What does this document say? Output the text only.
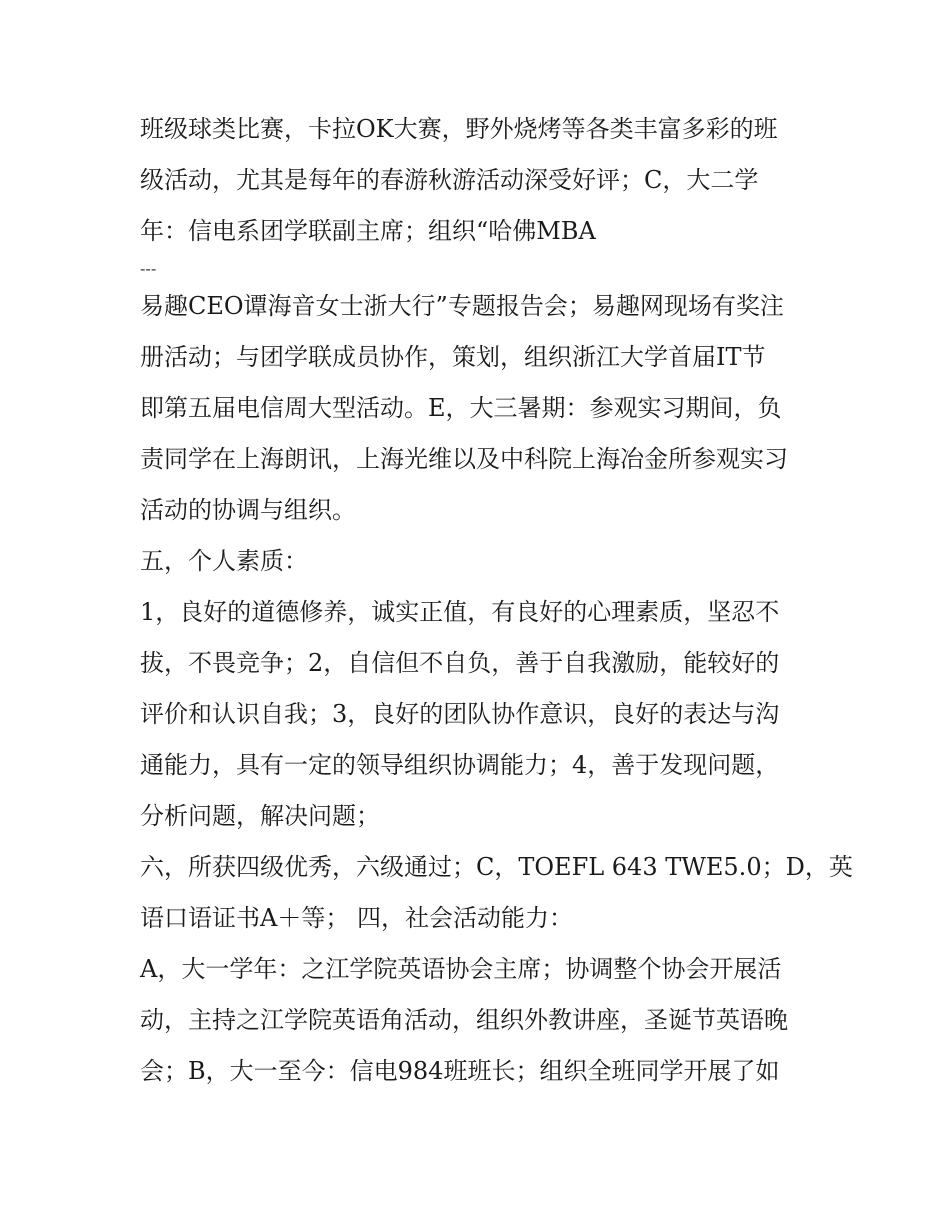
班级球类比赛，卡拉OK大赛，野外烧烤等各类丰富多彩的班

级活动，尤其是每年的春游秋游活动深受好评；C，大二学

年：信电系团学联副主席；组织“哈佛MBA

---

易趣CEO谭海音女士浙大行”专题报告会；易趣网现场有奖注

册活动；与团学联成员协作，策划，组织浙江大学首届IT节

即第五届电信周大型活动。E，大三暑期：参观实习期间，负

责同学在上海朗讯，上海光维以及中科院上海冶金所参观实习

活动的协调与组织。

五，个人素质：

1，良好的道德修养，诚实正值，有良好的心理素质，坚忍不

拔，不畏竞争；2，自信但不自负，善于自我激励，能较好的

评价和认识自我；3，良好的团队协作意识，良好的表达与沟

通能力，具有一定的领导组织协调能力；4，善于发现问题，

分析问题，解决问题；

六，所获四级优秀，六级通过；C，TOEFL 643 TWE5.0；D，英

语口语证书A＋等； 四，社会活动能力：

A，大一学年：之江学院英语协会主席；协调整个协会开展活

动，主持之江学院英语角活动，组织外教讲座，圣诞节英语晚

会；B，大一至今：信电984班班长；组织全班同学开展了如
